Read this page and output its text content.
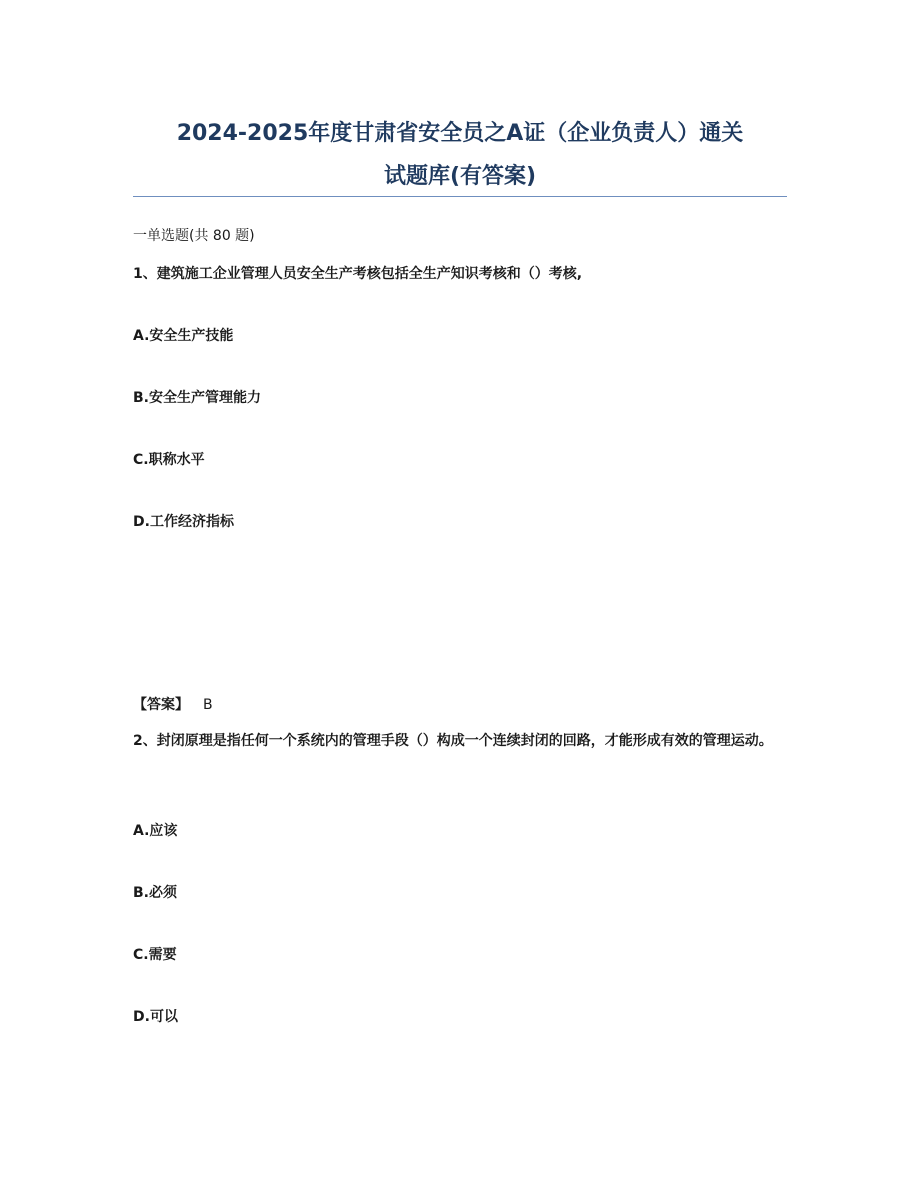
2024-2025年度甘肃省安全员之A证（企业负责人）通关
试题库(有答案)
一单选题(共 80 题)
1、建筑施工企业管理人员安全生产考核包括全生产知识考核和（）考核,
A.安全生产技能
B.安全生产管理能力
C.职称水平
D.工作经济指标
【答案】 B
2、封闭原理是指任何一个系统内的管理手段（）构成一个连续封闭的回路，才能形成有效的管理运动。
A.应该
B.必须
C.需要
D.可以
